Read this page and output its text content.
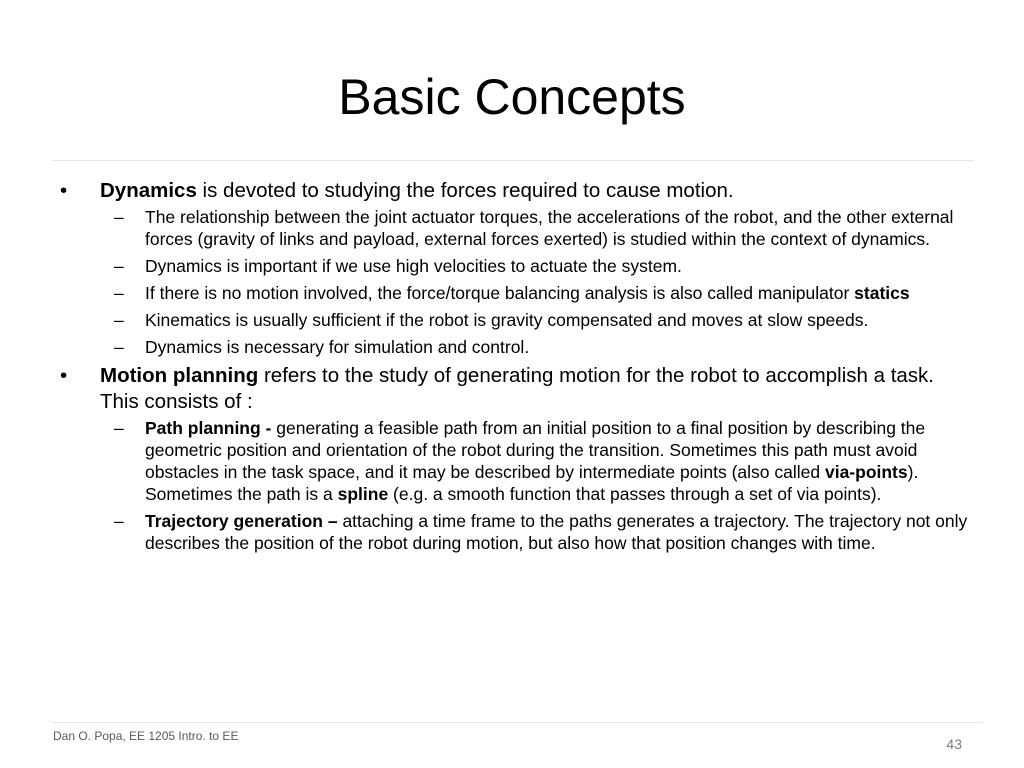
Basic Concepts
•	Dynamics is devoted to studying the forces required to cause motion.
– The relationship between the joint actuator torques, the accelerations of the robot, and the other external forces (gravity of links and payload, external forces exerted) is studied within the context of dynamics.
– Dynamics is important if we use high velocities to actuate the system.
– If there is no motion involved, the force/torque balancing analysis is also called manipulator statics
– Kinematics is usually sufficient if the robot is gravity compensated and moves at slow speeds.
– Dynamics is necessary for simulation and control.
•	Motion planning refers to the study of generating motion for the robot to accomplish a task. This consists of :
– Path planning - generating a feasible path from an initial position to a final position by describing the geometric position and orientation of the robot during the transition. Sometimes this path must avoid obstacles in the task space, and it may be described by intermediate points (also called via-points). Sometimes the path is a spline (e.g. a smooth function that passes through a set of via points).
– Trajectory generation – attaching a time frame to the paths generates a trajectory. The trajectory not only describes the position of the robot during motion, but also how that position changes with time.
Dan O. Popa, EE 1205 Intro. to EE	43
